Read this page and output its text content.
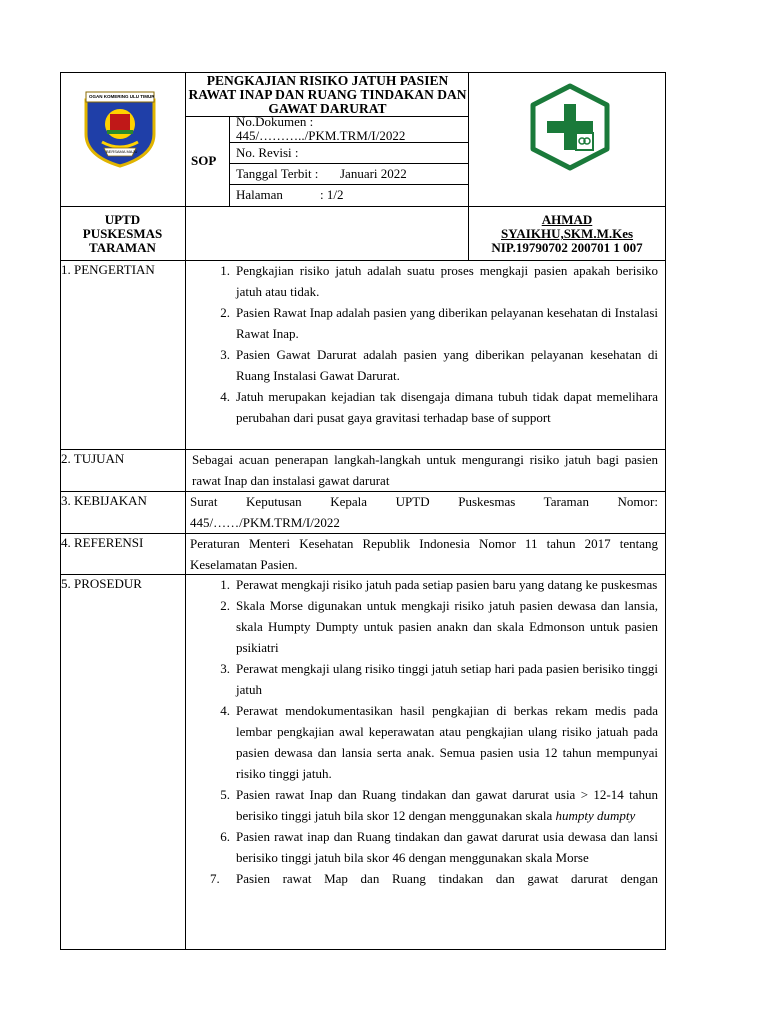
OGAN KOMERING ULU TIMUR
BERSAMA MAJU
PENGKAJIAN RISIKO JATUH PASIEN RAWAT INAP DAN RUANG TINDAKAN DAN GAWAT DARURAT
SOP
No.Dokumen :
445/………../PKM.TRM/I/2022
No. Revisi :
Tanggal Terbit : Januari 2022
Halaman	: 1/2
UPTD
PUSKESMAS
TARAMAN
AHMAD
SYAIKHU,SKM.M.Kes
NIP.19790702 200701 1 007
1. PENGERTIAN	1. Pengkajian risiko jatuh adalah suatu proses mengkaji pasien apakah berisiko jatuh atau tidak.
2. Pasien Rawat Inap adalah pasien yang diberikan pelayanan kesehatan di Instalasi Rawat Inap.
3. Pasien Gawat Darurat adalah pasien yang diberikan pelayanan kesehatan di Ruang Instalasi Gawat Darurat.
4. Jatuh merupakan kejadian tak disengaja dimana tubuh tidak dapat memelihara perubahan dari pusat gaya gravitasi terhadap base of support
2. TUJUAN	Sebagai acuan penerapan langkah-langkah untuk mengurangi risiko jatuh bagi pasien rawat Inap dan instalasi gawat darurat
3. KEBIJAKAN	Surat Keputusan Kepala UPTD Puskesmas Taraman Nomor: 445/……/PKM.TRM/I/2022
4. REFERENSI	Peraturan Menteri Kesehatan Republik Indonesia Nomor 11 tahun 2017 tentang Keselamatan Pasien.
5. PROSEDUR	1. Perawat mengkaji risiko jatuh pada setiap pasien baru yang datang ke puskesmas
2. Skala Morse digunakan untuk mengkaji risiko jatuh pasien dewasa dan lansia, skala Humpty Dumpty untuk pasien anakn dan skala Edmonson untuk pasien psikiatri
3. Perawat mengkaji ulang risiko tinggi jatuh setiap hari pada pasien berisiko tinggi jatuh
4. Perawat mendokumentasikan hasil pengkajian di berkas rekam medis pada lembar pengkajian awal keperawatan atau pengkajian ulang risiko jatuah pada pasien dewasa dan lansia serta anak. Semua pasien usia 12 tahun mempunyai risiko tinggi jatuh.
5. Pasien rawat Inap dan Ruang tindakan dan gawat darurat usia > 12-14 tahun berisiko tinggi jatuh bila skor 12 dengan menggunakan skala humpty dumpty
6. Pasien rawat inap dan Ruang tindakan dan gawat darurat usia dewasa dan lansi berisiko tinggi jatuh bila skor 46 dengan menggunakan skala Morse
7.	Pasien rawat Map dan Ruang tindakan dan gawat darurat dengan
